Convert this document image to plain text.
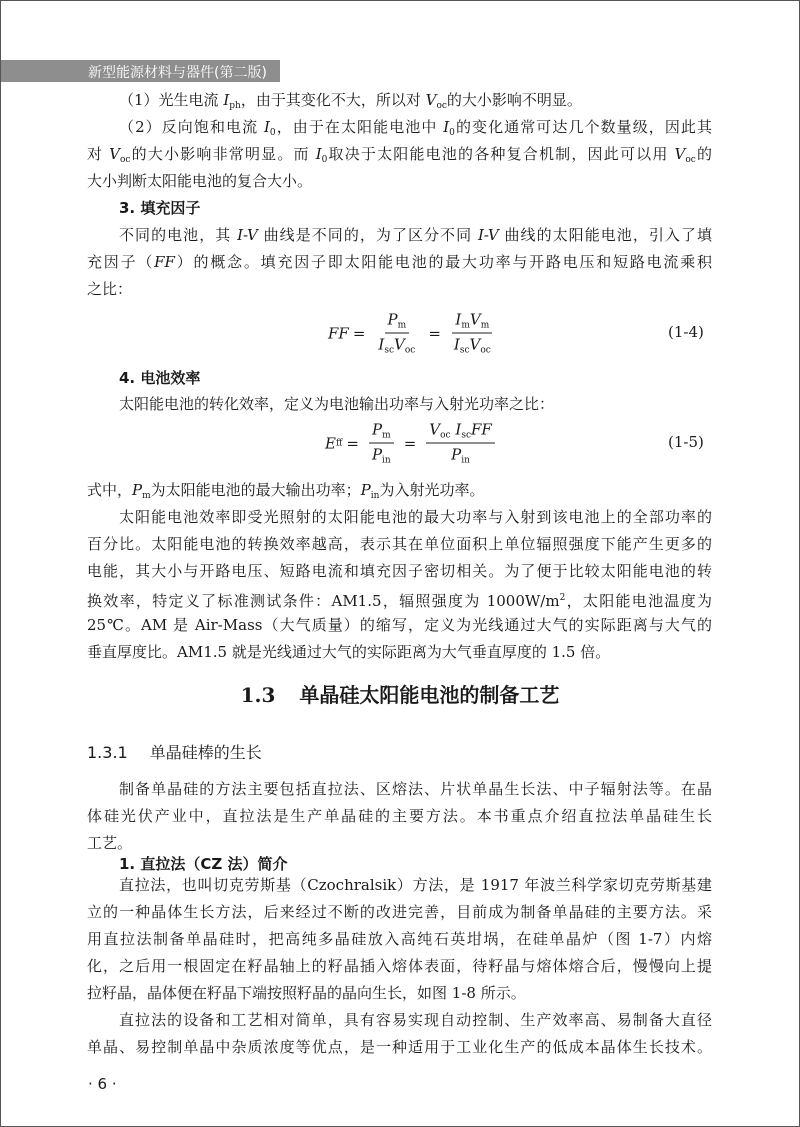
新型能源材料与器件(第二版)
（1）光生电流 $I_{ph}$，由于其变化不大，所以对 $V_{oc}$的大小影响不明显。
（2）反向饱和电流 $I_0$，由于在太阳能电池中 $I_0$的变化通常可达几个数量级，因此其
对 $V_{oc}$的大小影响非常明显。而 $I_0$取决于太阳能电池的各种复合机制，因此可以用 $V_{oc}$的
大小判断太阳能电池的复合大小。
3. 填充因子
不同的电池，其 I-V 曲线是不同的，为了区分不同 I-V 曲线的太阳能电池，引入了填
充因子（FF）的概念。填充因子即太阳能电池的最大功率与开路电压和短路电流乘积
之比：
4. 电池效率
太阳能电池的转化效率，定义为电池输出功率与入射光功率之比：
式中，$P_m$为太阳能电池的最大输出功率；$P_{in}$为入射光功率。
太阳能电池效率即受光照射的太阳能电池的最大功率与入射到该电池上的全部功率的
百分比。太阳能电池的转换效率越高，表示其在单位面积上单位辐照强度下能产生更多的
电能，其大小与开路电压、短路电流和填充因子密切相关。为了便于比较太阳能电池的转
换效率，特定义了标准测试条件：AM1.5，辐照强度为 $1000W/m^2$，太阳能电池温度为
25℃。AM 是 Air-Mass（大气质量）的缩写，定义为光线通过大气的实际距离与大气的
垂直厚度比。AM1.5 就是光线通过大气的实际距离为大气垂直厚度的 1.5 倍。
制备单晶硅的方法主要包括直拉法、区熔法、片状单晶生长法、中子辐射法等。在晶
体硅光伏产业中，直拉法是生产单晶硅的主要方法。本书重点介绍直拉法单晶硅生长
工艺。
1. 直拉法（CZ 法）简介
直拉法，也叫切克劳斯基（Czochralsik）方法，是 1917 年波兰科学家切克劳斯基建
立的一种晶体生长方法，后来经过不断的改进完善，目前成为制备单晶硅的主要方法。采
用直拉法制备单晶硅时，把高纯多晶硅放入高纯石英坩埚，在硅单晶炉（图 1-7）内熔
化，之后用一根固定在籽晶轴上的籽晶插入熔体表面，待籽晶与熔体熔合后，慢慢向上提
拉籽晶，晶体便在籽晶下端按照籽晶的晶向生长，如图 1-8 所示。
直拉法的设备和工艺相对简单，具有容易实现自动控制、生产效率高、易制备大直径
单晶、易控制单晶中杂质浓度等优点，是一种适用于工业化生产的低成本晶体生长技术。
FF = $\frac{P_m}{I_{sc}V_{oc}} = \frac{I_mV_m}{I_{sc}V_{oc}}$	(1-4)
E ff = $\frac{P_m}{P_{in}} = \frac{V_{oc} I_{sc}FF}{P_{in}}$	(1-5)
1.3 单晶硅太阳能电池的制备工艺
1.3.1 单晶硅棒的生长
· 6 ·
